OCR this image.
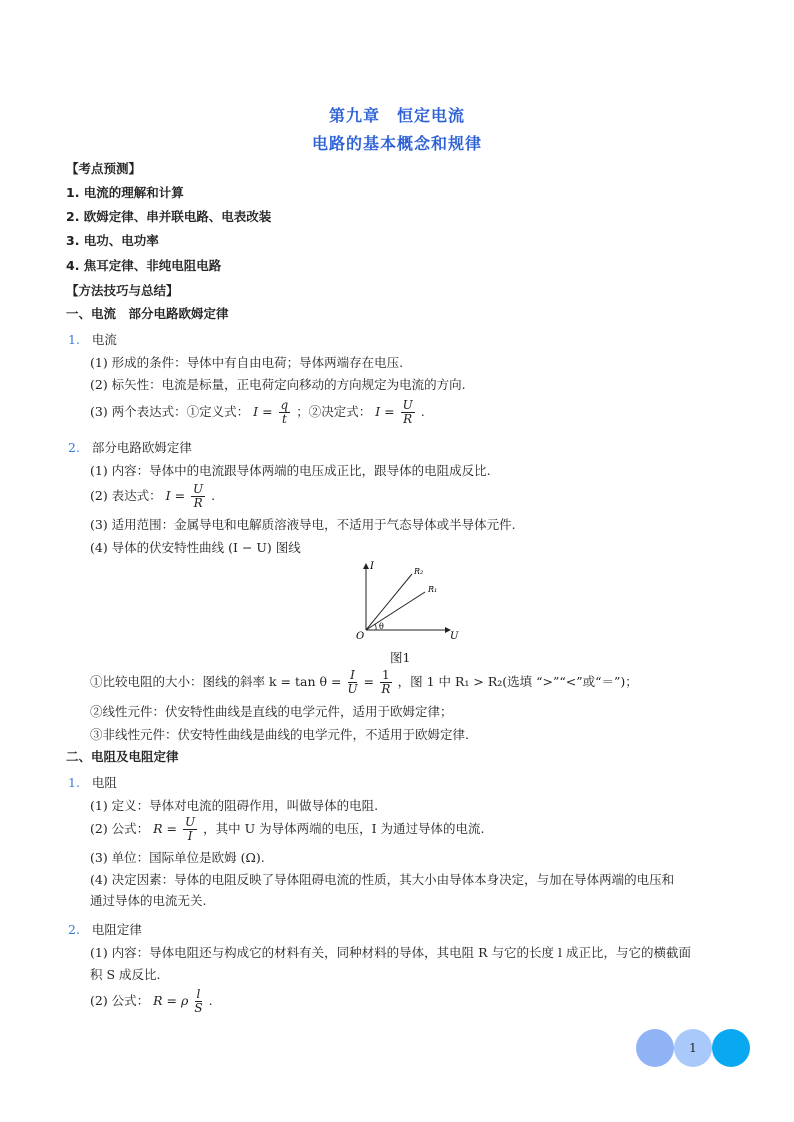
第九章　恒定电流
电路的基本概念和规律
【考点预测】
1. 电流的理解和计算
2. 欧姆定律、串并联电路、电表改装
3. 电功、电功率
4. 焦耳定律、非纯电阻电路
【方法技巧与总结】
一、电流　部分电路欧姆定律
1. 电流
(1) 形成的条件：导体中有自由电荷；导体两端存在电压.
(2) 标矢性：电流是标量，正电荷定向移动的方向规定为电流的方向.
(3) 两个表达式：①定义式： $I = \frac{q}{t}$ ；②决定式： $I = \frac{U}{R}$ .
2. 部分电路欧姆定律
(1) 内容：导体中的电流跟导体两端的电压成正比，跟导体的电阻成反比.
(2) 表达式： $I = \frac{U}{R}$ .
(3) 适用范围：金属导电和电解质溶液导电，不适用于气态导体或半导体元件.
(4) 导体的伏安特性曲线 (I − U) 图线
I
U
O
θ
R₂
R₁
图1
①比较电阻的大小：图线的斜率 $k = \tan \theta = \frac{I}{U} = \frac{1}{R}$ ，图 1 中 R₁ > R₂(选填 “>”“<”或“＝”)；
②线性元件：伏安特性曲线是直线的电学元件，适用于欧姆定律；
③非线性元件：伏安特性曲线是曲线的电学元件，不适用于欧姆定律.
二、电阻及电阻定律
1. 电阻
(1) 定义：导体对电流的阻碍作用，叫做导体的电阻.
(2) 公式： $R = \frac{U}{I}$ ，其中 U 为导体两端的电压，I 为通过导体的电流.
(3) 单位：国际单位是欧姆 (Ω).
(4) 决定因素：导体的电阻反映了导体阻碍电流的性质，其大小由导体本身决定，与加在导体两端的电压和
通过导体的电流无关.
2. 电阻定律
(1) 内容：导体电阻还与构成它的材料有关，同种材料的导体，其电阻 R 与它的长度 l 成正比，与它的横截面
积 S 成反比.
(2) 公式： R = ρ $\frac{l}{S}$ .
1
